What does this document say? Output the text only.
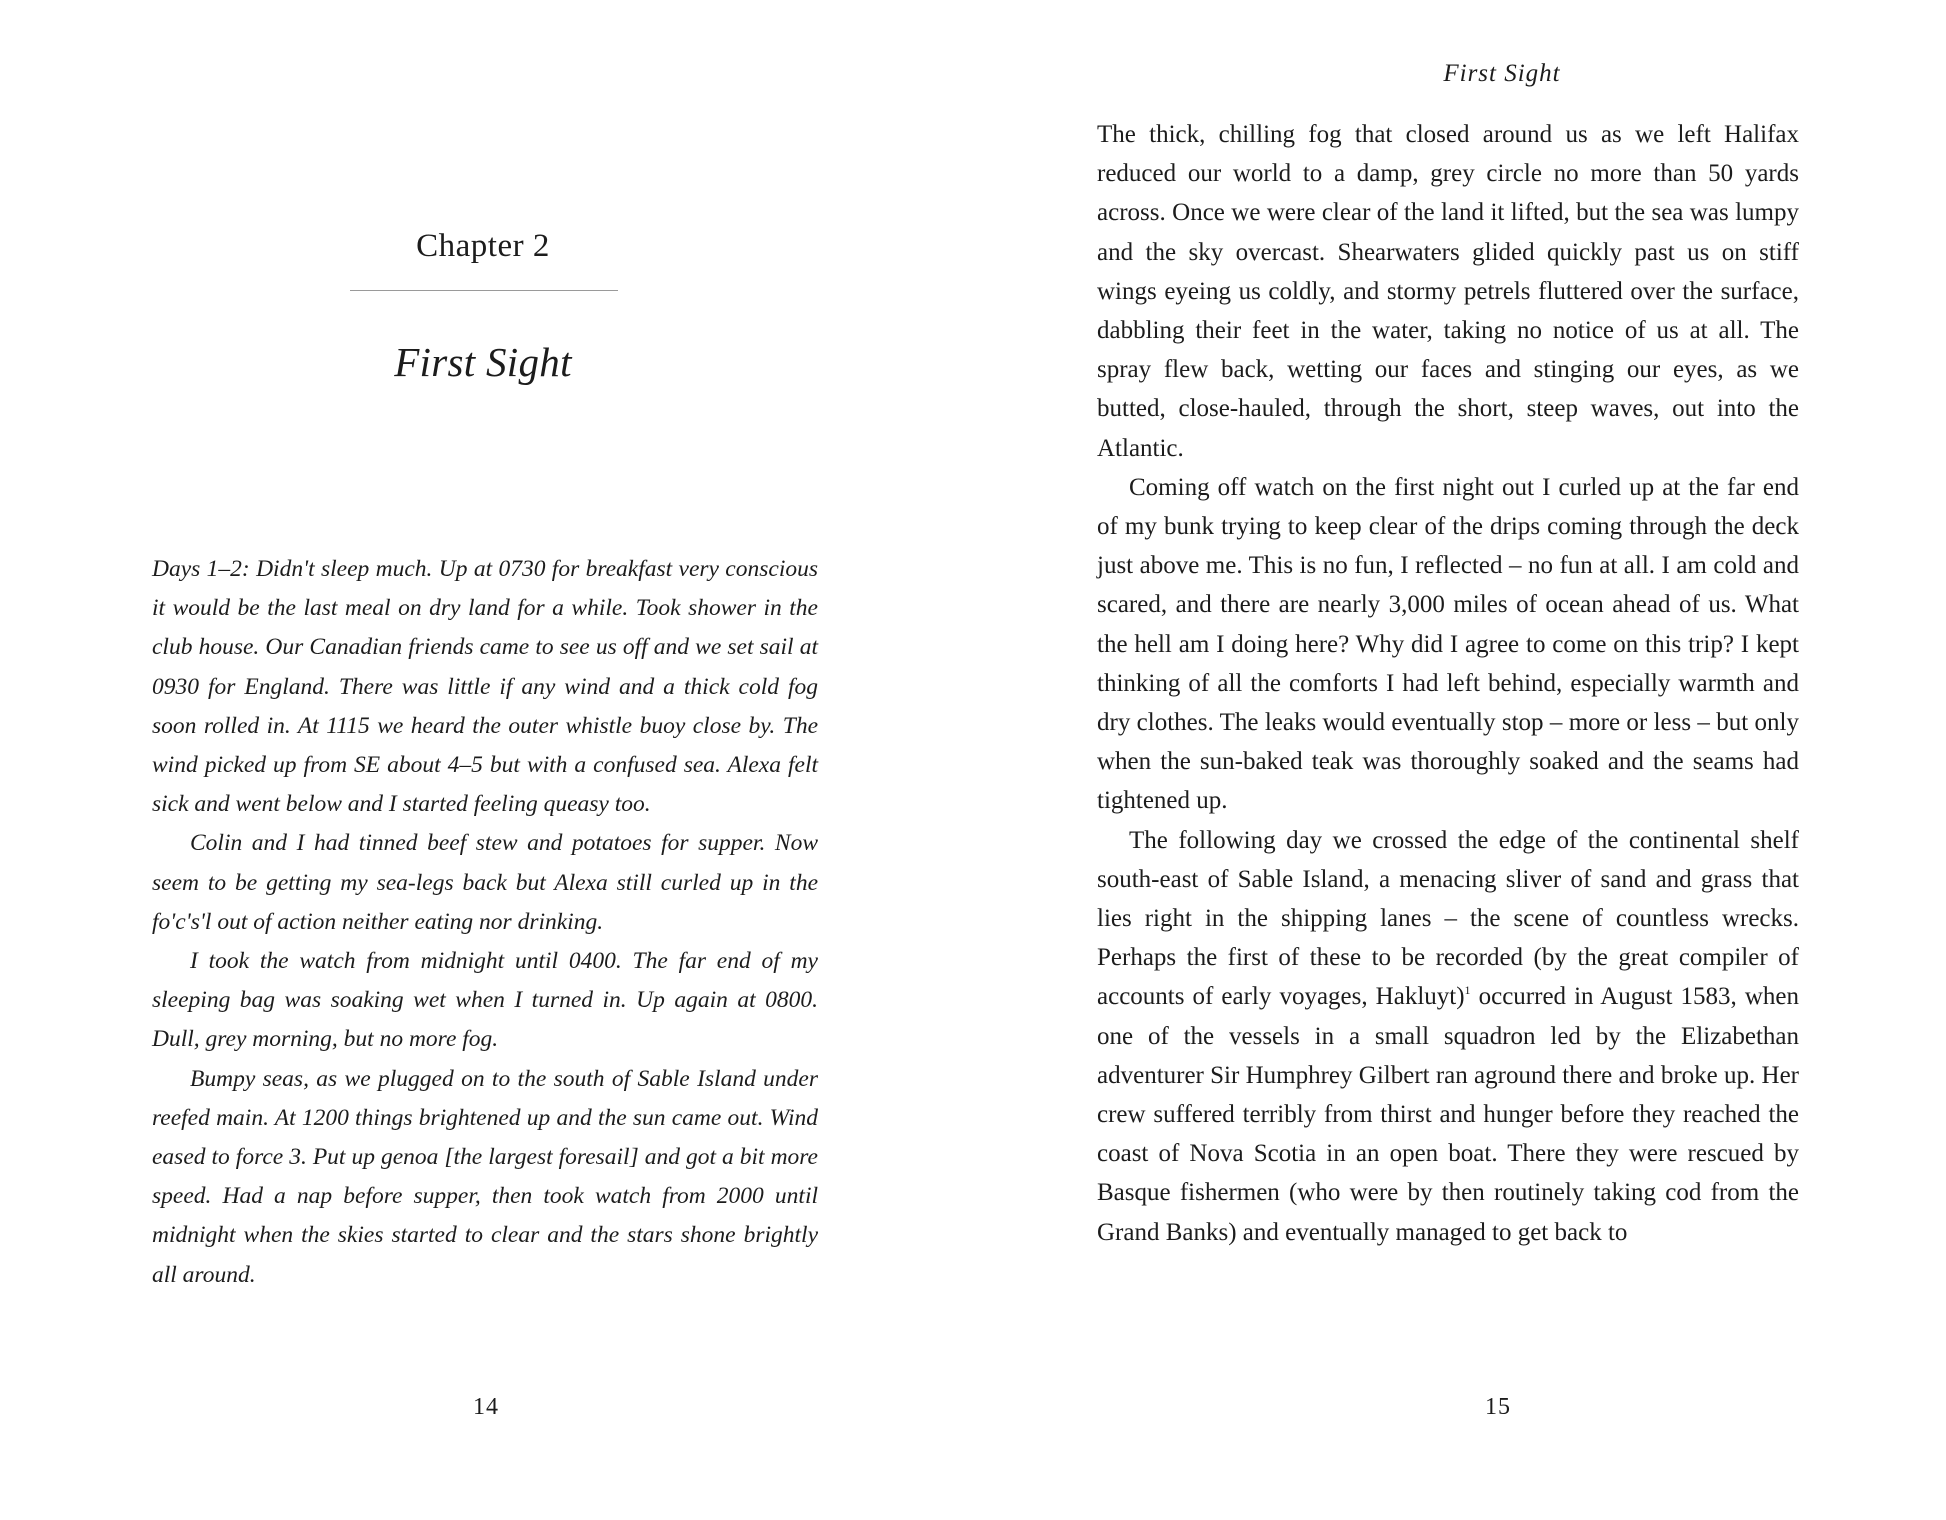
Chapter 2
First Sight

Days 1–2: Didn't sleep much. Up at 0730 for breakfast very conscious it would be the last meal on dry land for a while. Took shower in the club house. Our Canadian friends came to see us off and we set sail at 0930 for England. There was little if any wind and a thick cold fog soon rolled in. At 1115 we heard the outer whistle buoy close by. The wind picked up from SE about 4–5 but with a confused sea. Alexa felt sick and went below and I started feeling queasy too.

Colin and I had tinned beef stew and potatoes for supper. Now seem to be getting my sea-legs back but Alexa still curled up in the fo'c's'l out of action neither eating nor drinking.

I took the watch from midnight until 0400. The far end of my sleeping bag was soaking wet when I turned in. Up again at 0800. Dull, grey morning, but no more fog.

Bumpy seas, as we plugged on to the south of Sable Island under reefed main. At 1200 things brightened up and the sun came out. Wind eased to force 3. Put up genoa [the largest foresail] and got a bit more speed. Had a nap before supper, then took watch from 2000 until midnight when the skies started to clear and the stars shone brightly all around.

14
First Sight

The thick, chilling fog that closed around us as we left Halifax reduced our world to a damp, grey circle no more than 50 yards across. Once we were clear of the land it lifted, but the sea was lumpy and the sky overcast. Shearwaters glided quickly past us on stiff wings eyeing us coldly, and stormy petrels fluttered over the surface, dabbling their feet in the water, taking no notice of us at all. The spray flew back, wetting our faces and stinging our eyes, as we butted, close-hauled, through the short, steep waves, out into the Atlantic.

Coming off watch on the first night out I curled up at the far end of my bunk trying to keep clear of the drips coming through the deck just above me. This is no fun, I reflected – no fun at all. I am cold and scared, and there are nearly 3,000 miles of ocean ahead of us. What the hell am I doing here? Why did I agree to come on this trip? I kept thinking of all the comforts I had left behind, especially warmth and dry clothes. The leaks would eventually stop – more or less – but only when the sun-baked teak was thoroughly soaked and the seams had tightened up.

The following day we crossed the edge of the continental shelf south-east of Sable Island, a menacing sliver of sand and grass that lies right in the shipping lanes – the scene of countless wrecks. Perhaps the first of these to be recorded (by the great compiler of accounts of early voyages, Hakluyt)$^1$ occurred in August 1583, when one of the vessels in a small squadron led by the Elizabethan adventurer Sir Humphrey Gilbert ran aground there and broke up. Her crew suffered terribly from thirst and hunger before they reached the coast of Nova Scotia in an open boat. There they were rescued by Basque fishermen (who were by then routinely taking cod from the Grand Banks) and eventually managed to get back to

15
